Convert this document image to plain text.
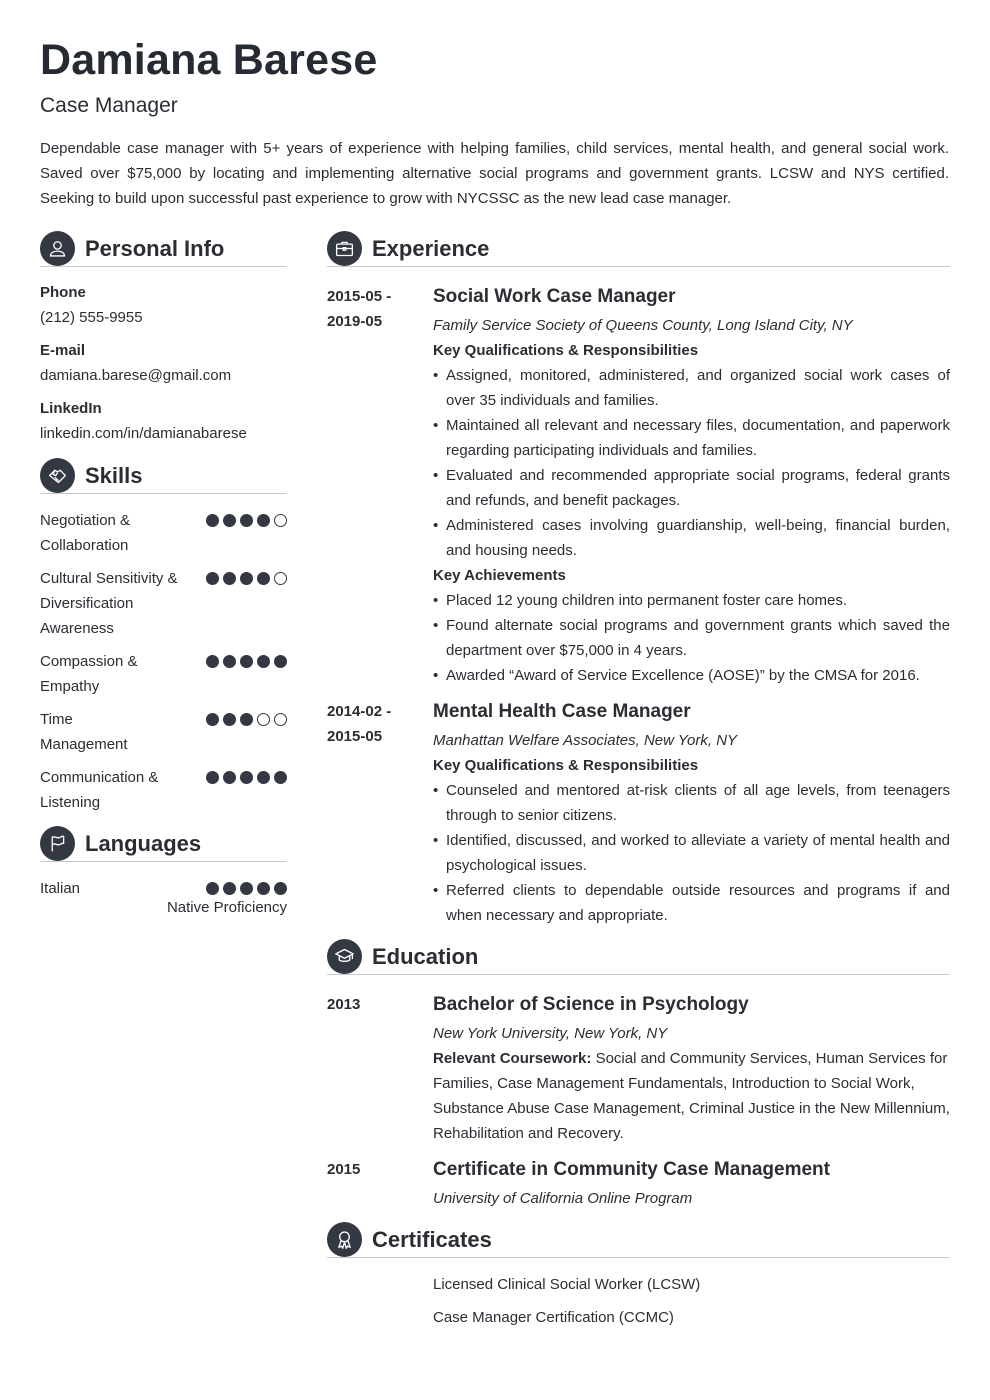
Damiana Barese
Case Manager
Dependable case manager with 5+ years of experience with helping families, child services, mental health, and general social work. Saved over $75,000 by locating and implementing alternative social programs and government grants. LCSW and NYS certified. Seeking to build upon successful past experience to grow with NYCSSC as the new lead case manager.
Personal Info
Phone
(212) 555-9955
E-mail
damiana.barese@gmail.com
LinkedIn
linkedin.com/in/damianabarese
Skills
Negotiation & Collaboration
Cultural Sensitivity & Diversification Awareness
Compassion & Empathy
Time Management
Communication & Listening
Languages
Italian
Native Proficiency
Experience
2015-05 -
2019-05
Social Work Case Manager
Family Service Society of Queens County, Long Island City, NY
Key Qualifications & Responsibilities
• Assigned, monitored, administered, and organized social work cases of over 35 individuals and families.
• Maintained all relevant and necessary files, documentation, and paperwork regarding participating individuals and families.
• Evaluated and recommended appropriate social programs, federal grants and refunds, and benefit packages.
• Administered cases involving guardianship, well-being, financial burden, and housing needs.
Key Achievements
• Placed 12 young children into permanent foster care homes.
• Found alternate social programs and government grants which saved the department over $75,000 in 4 years.
• Awarded “Award of Service Excellence (AOSE)” by the CMSA for 2016.
2014-02 -
2015-05
Mental Health Case Manager
Manhattan Welfare Associates, New York, NY
Key Qualifications & Responsibilities
• Counseled and mentored at-risk clients of all age levels, from teenagers through to senior citizens.
• Identified, discussed, and worked to alleviate a variety of mental health and psychological issues.
• Referred clients to dependable outside resources and programs if and when necessary and appropriate.
Education
2013	Bachelor of Science in Psychology
New York University, New York, NY
Relevant Coursework: Social and Community Services, Human Services for Families, Case Management Fundamentals, Introduction to Social Work, Substance Abuse Case Management, Criminal Justice in the New Millennium, Rehabilitation and Recovery.
2015	Certificate in Community Case Management
University of California Online Program
Certificates
Licensed Clinical Social Worker (LCSW)
Case Manager Certification (CCMC)
